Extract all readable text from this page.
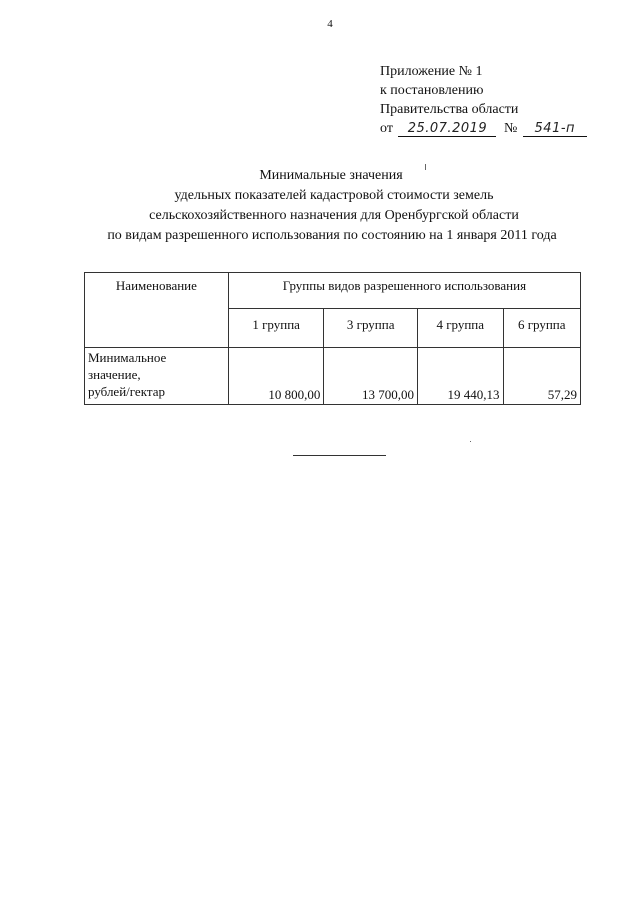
4
Приложение № 1
к постановлению
Правительства области
от 25.07.2019 № 541-п
Минимальные значения
удельных показателей кадастровой стоимости земель
сельскохозяйственного назначения для Оренбургской области
по видам разрешенного использования по состоянию на 1 января 2011 года
Наименование	Группы видов разрешенного использования			
	1 группа	3 группа	4 группа	6 группа

Минимальное
значение,
рублей/гектар	10 800,00	13 700,00	19 440,13	57,29
